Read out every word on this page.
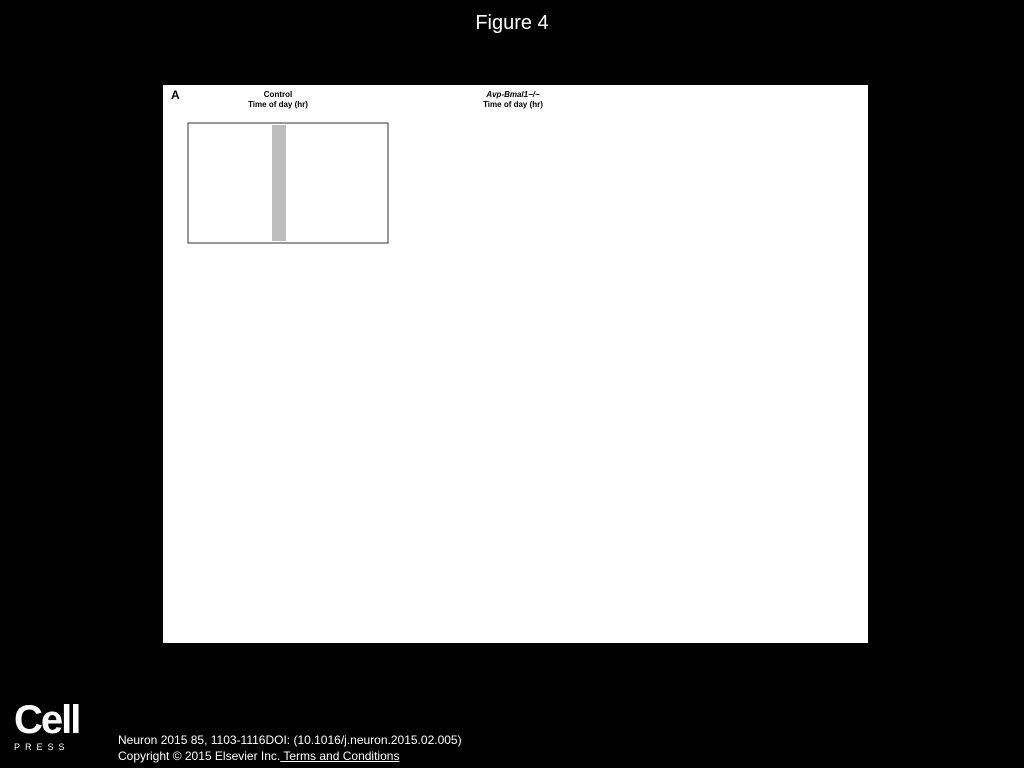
Figure 4
A	Control
Time of day (hr)
Avp-Bmal1−/−
Time of day (hr)
Cell
PRESS	Neuron 2015 85, 1103-1116DOI: (10.1016/j.neuron.2015.02.005)
Copyright © 2015 Elsevier Inc. Terms and Conditions
